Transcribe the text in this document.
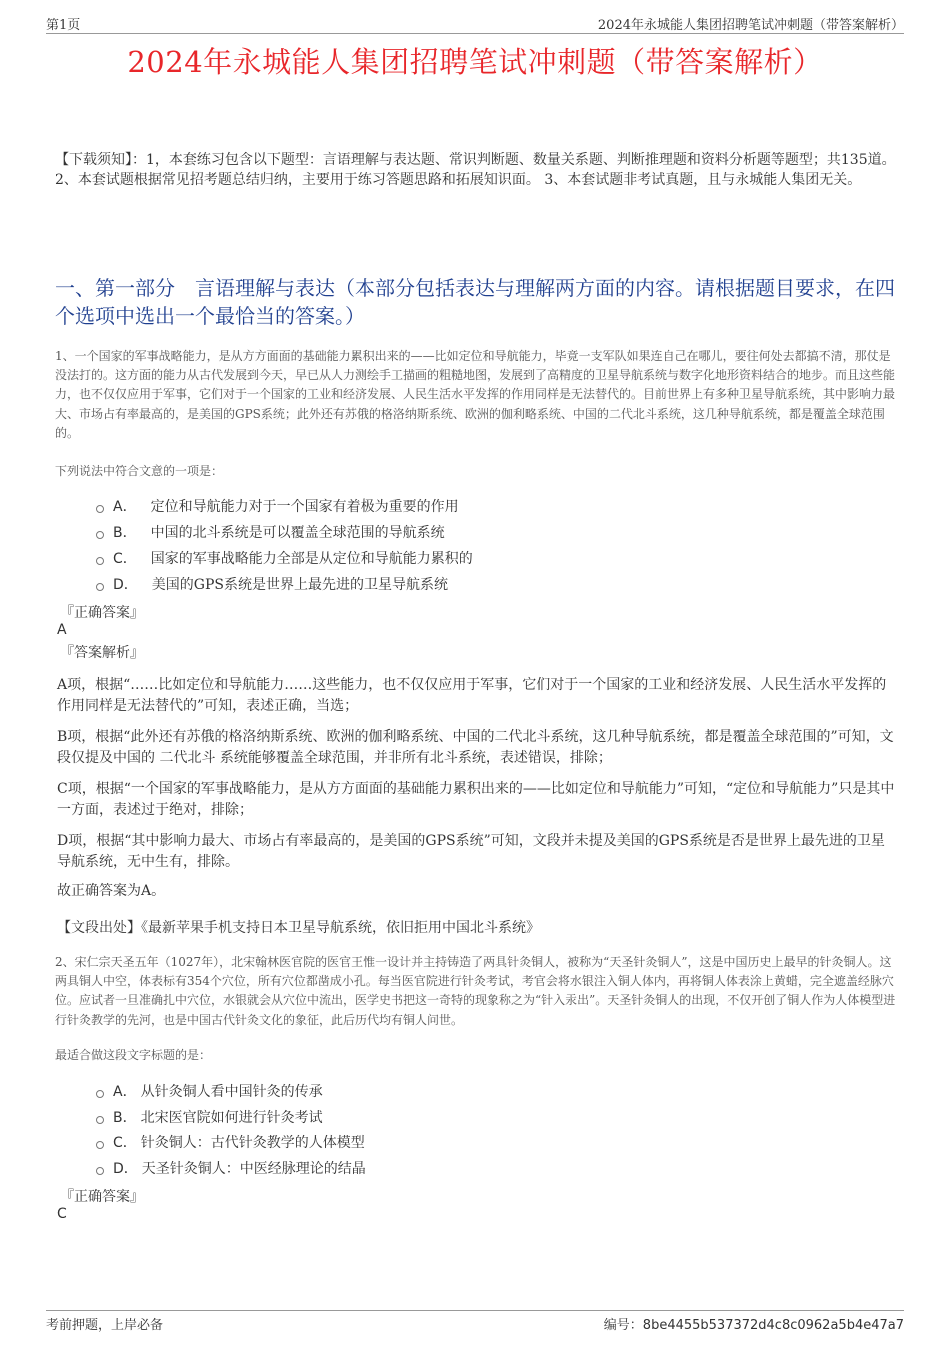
第1页	2024年永城能人集团招聘笔试冲刺题（带答案解析）
2024年永城能人集团招聘笔试冲刺题（带答案解析）
【下载须知】：1，本套练习包含以下题型：言语理解与表达题、常识判断题、数量关系题、判断推理题和资料分析题等题型；共135道。 2、本套试题根据常见招考题总结归纳，主要用于练习答题思路和拓展知识面。 3、本套试题非考试真题，且与永城能人集团无关。
一、第一部分　言语理解与表达（本部分包括表达与理解两方面的内容。请根据题目要求，在四个选项中选出一个最恰当的答案。）
1、一个国家的军事战略能力，是从方方面面的基础能力累积出来的——比如定位和导航能力，毕竟一支军队如果连自己在哪儿，要往何处去都搞不清，那仗是没法打的。这方面的能力从古代发展到今天，早已从人力测绘手工描画的粗糙地图，发展到了高精度的卫星导航系统与数字化地形资料结合的地步。而且这些能力，也不仅仅应用于军事，它们对于一个国家的工业和经济发展、人民生活水平发挥的作用同样是无法替代的。目前世界上有多种卫星导航系统，其中影响力最大、市场占有率最高的，是美国的GPS系统；此外还有苏俄的格洛纳斯系统、欧洲的伽利略系统、中国的二代北斗系统，这几种导航系统，都是覆盖全球范围的。
下列说法中符合文意的一项是：
A． 定位和导航能力对于一个国家有着极为重要的作用
B． 中国的北斗系统是可以覆盖全球范围的导航系统
C． 国家的军事战略能力全部是从定位和导航能力累积的
D． 美国的GPS系统是世界上最先进的卫星导航系统
『正确答案』
A
『答案解析』
A项，根据“……比如定位和导航能力……这些能力，也不仅仅应用于军事，它们对于一个国家的工业和经济发展、人民生活水平发挥的作用同样是无法替代的”可知，表述正确，当选；
B项，根据“此外还有苏俄的格洛纳斯系统、欧洲的伽利略系统、中国的二代北斗系统，这几种导航系统，都是覆盖全球范围的”可知，文段仅提及中国的 二代北斗 系统能够覆盖全球范围，并非所有北斗系统，表述错误，排除；
C项，根据“一个国家的军事战略能力，是从方方面面的基础能力累积出来的——比如定位和导航能力”可知，“定位和导航能力”只是其中一方面，表述过于绝对，排除；
D项，根据“其中影响力最大、市场占有率最高的，是美国的GPS系统”可知，文段并未提及美国的GPS系统是否是世界上最先进的卫星导航系统，无中生有，排除。
故正确答案为A。
【文段出处】《最新苹果手机支持日本卫星导航系统，依旧拒用中国北斗系统》
2、宋仁宗天圣五年（1027年），北宋翰林医官院的医官王惟一设计并主持铸造了两具针灸铜人，被称为“天圣针灸铜人”，这是中国历史上最早的针灸铜人。这两具铜人中空，体表标有354个穴位，所有穴位都凿成小孔。每当医官院进行针灸考试，考官会将水银注入铜人体内，再将铜人体表涂上黄蜡，完全遮盖经脉穴位。应试者一旦准确扎中穴位，水银就会从穴位中流出，医学史书把这一奇特的现象称之为“针入汞出”。天圣针灸铜人的出现，不仅开创了铜人作为人体模型进行针灸教学的先河，也是中国古代针灸文化的象征，此后历代均有铜人问世。
最适合做这段文字标题的是：
A． 从针灸铜人看中国针灸的传承
B． 北宋医官院如何进行针灸考试
C． 针灸铜人：古代针灸教学的人体模型
D． 天圣针灸铜人：中医经脉理论的结晶
『正确答案』
C
考前押题，上岸必备	编号：8be4455b537372d4c8c0962a5b4e47a7
